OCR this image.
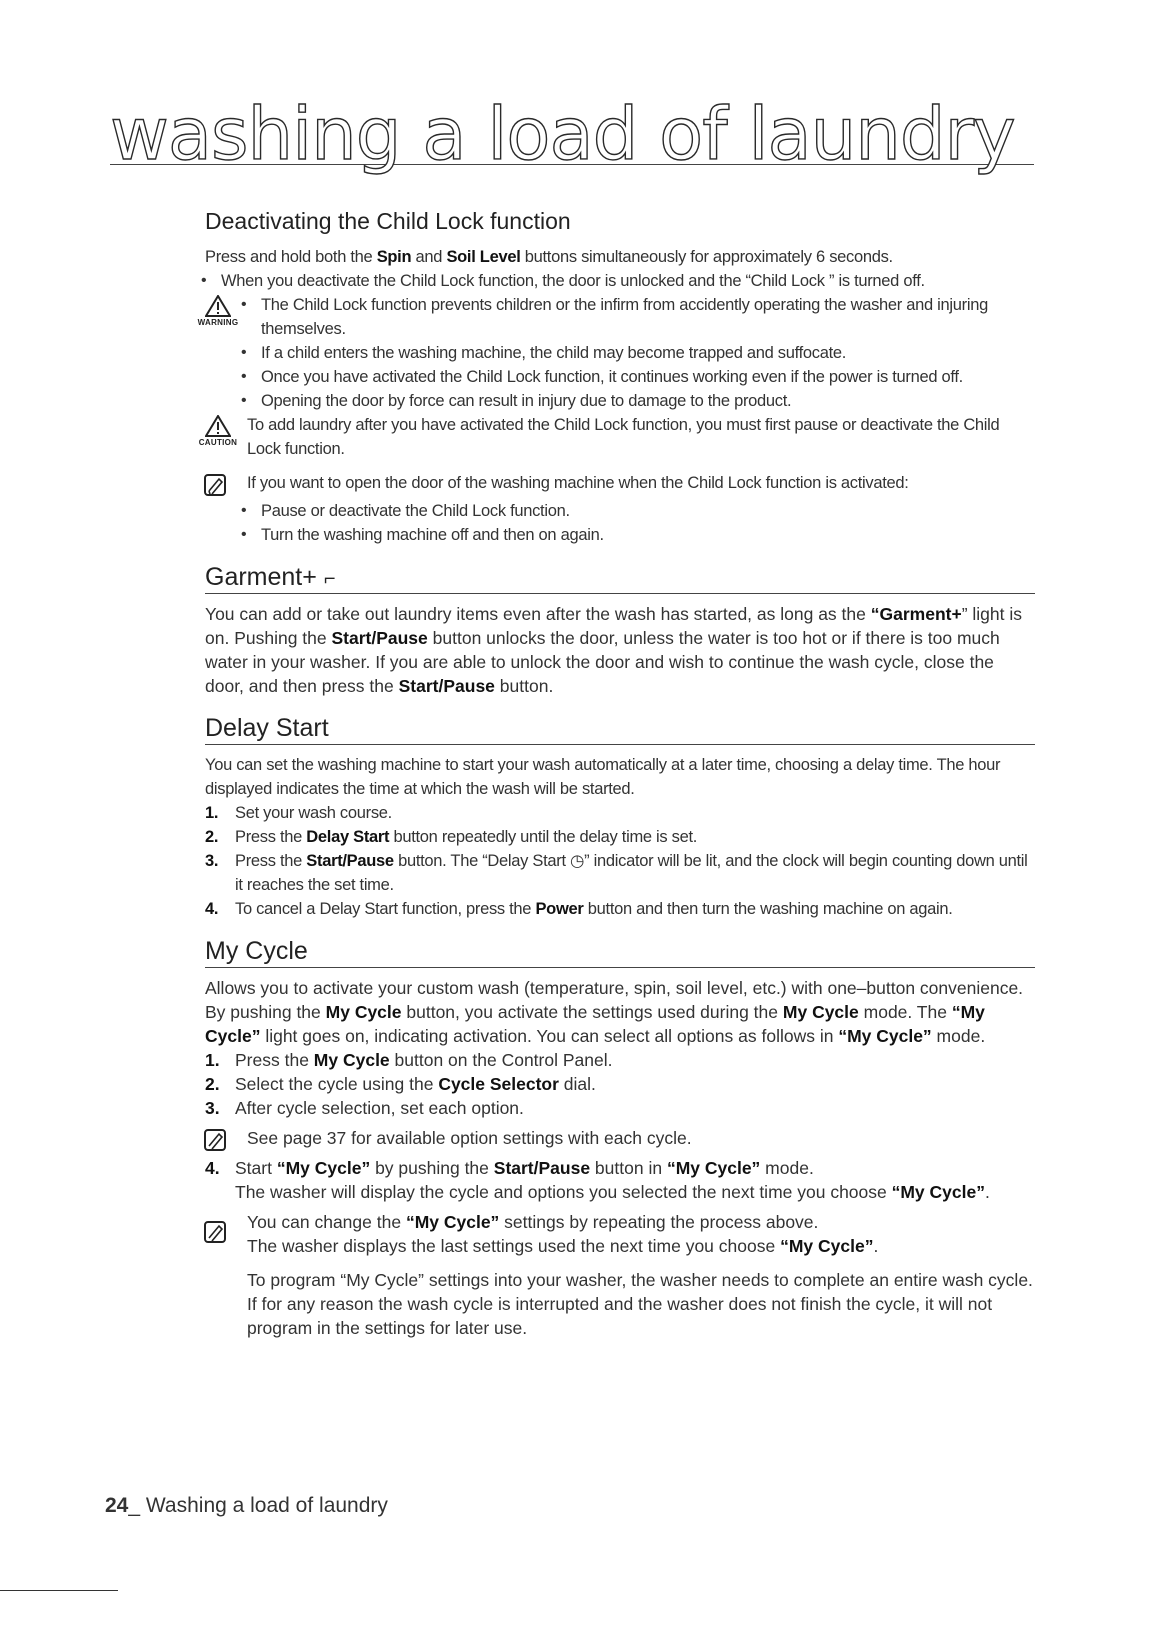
washing a load of laundry
Deactivating the Child Lock function

Press and hold both the Spin and Soil Level buttons simultaneously for approximately 6 seconds.

• When you deactivate the Child Lock function, the door is unlocked and the “Child Lock ” is turned off.
WARNING
• The Child Lock function prevents children or the infirm from accidently operating the washer and injuring themselves.
• If a child enters the washing machine, the child may become trapped and suffocate.
• Once you have activated the Child Lock function, it continues working even if the power is turned off.
• Opening the door by force can result in injury due to damage to the product.
CAUTION

To add laundry after you have activated the Child Lock function, you must first pause or deactivate the Child Lock function.

If you want to open the door of the washing machine when the Child Lock function is activated:

• Pause or deactivate the Child Lock function.
• Turn the washing machine off and then on again.
Garment+ ⌐

You can add or take out laundry items even after the wash has started, as long as the “Garment+” light is on. Pushing the Start/Pause button unlocks the door, unless the water is too hot or if there is too much water in your washer. If you are able to unlock the door and wish to continue the wash cycle, close the door, and then press the Start/Pause button.

Delay Start

You can set the washing machine to start your wash automatically at a later time, choosing a delay time. The hour displayed indicates the time at which the wash will be started.

1. Set your wash course.
2. Press the Delay Start button repeatedly until the delay time is set.
3. Press the Start/Pause button. The “Delay Start ◷” indicator will be lit, and the clock will begin counting down until it reaches the set time.
4. To cancel a Delay Start function, press the Power button and then turn the washing machine on again.
My Cycle

Allows you to activate your custom wash (temperature, spin, soil level, etc.) with one–button convenience. By pushing the My Cycle button, you activate the settings used during the My Cycle mode. The “My Cycle” light goes on, indicating activation. You can select all options as follows in “My Cycle” mode.

1. Press the My Cycle button on the Control Panel.
2. Select the cycle using the Cycle Selector dial.
3. After cycle selection, set each option.

See page 37 for available option settings with each cycle.

4. Start “My Cycle” by pushing the Start/Pause button in “My Cycle” mode.
The washer will display the cycle and options you selected the next time you choose “My Cycle”.

You can change the “My Cycle” settings by repeating the process above.

The washer displays the last settings used the next time you choose “My Cycle”.

To program “My Cycle” settings into your washer, the washer needs to complete an entire wash cycle. If for any reason the wash cycle is interrupted and the washer does not finish the cycle, it will not program in the settings for later use.

24_ Washing a load of laundry
